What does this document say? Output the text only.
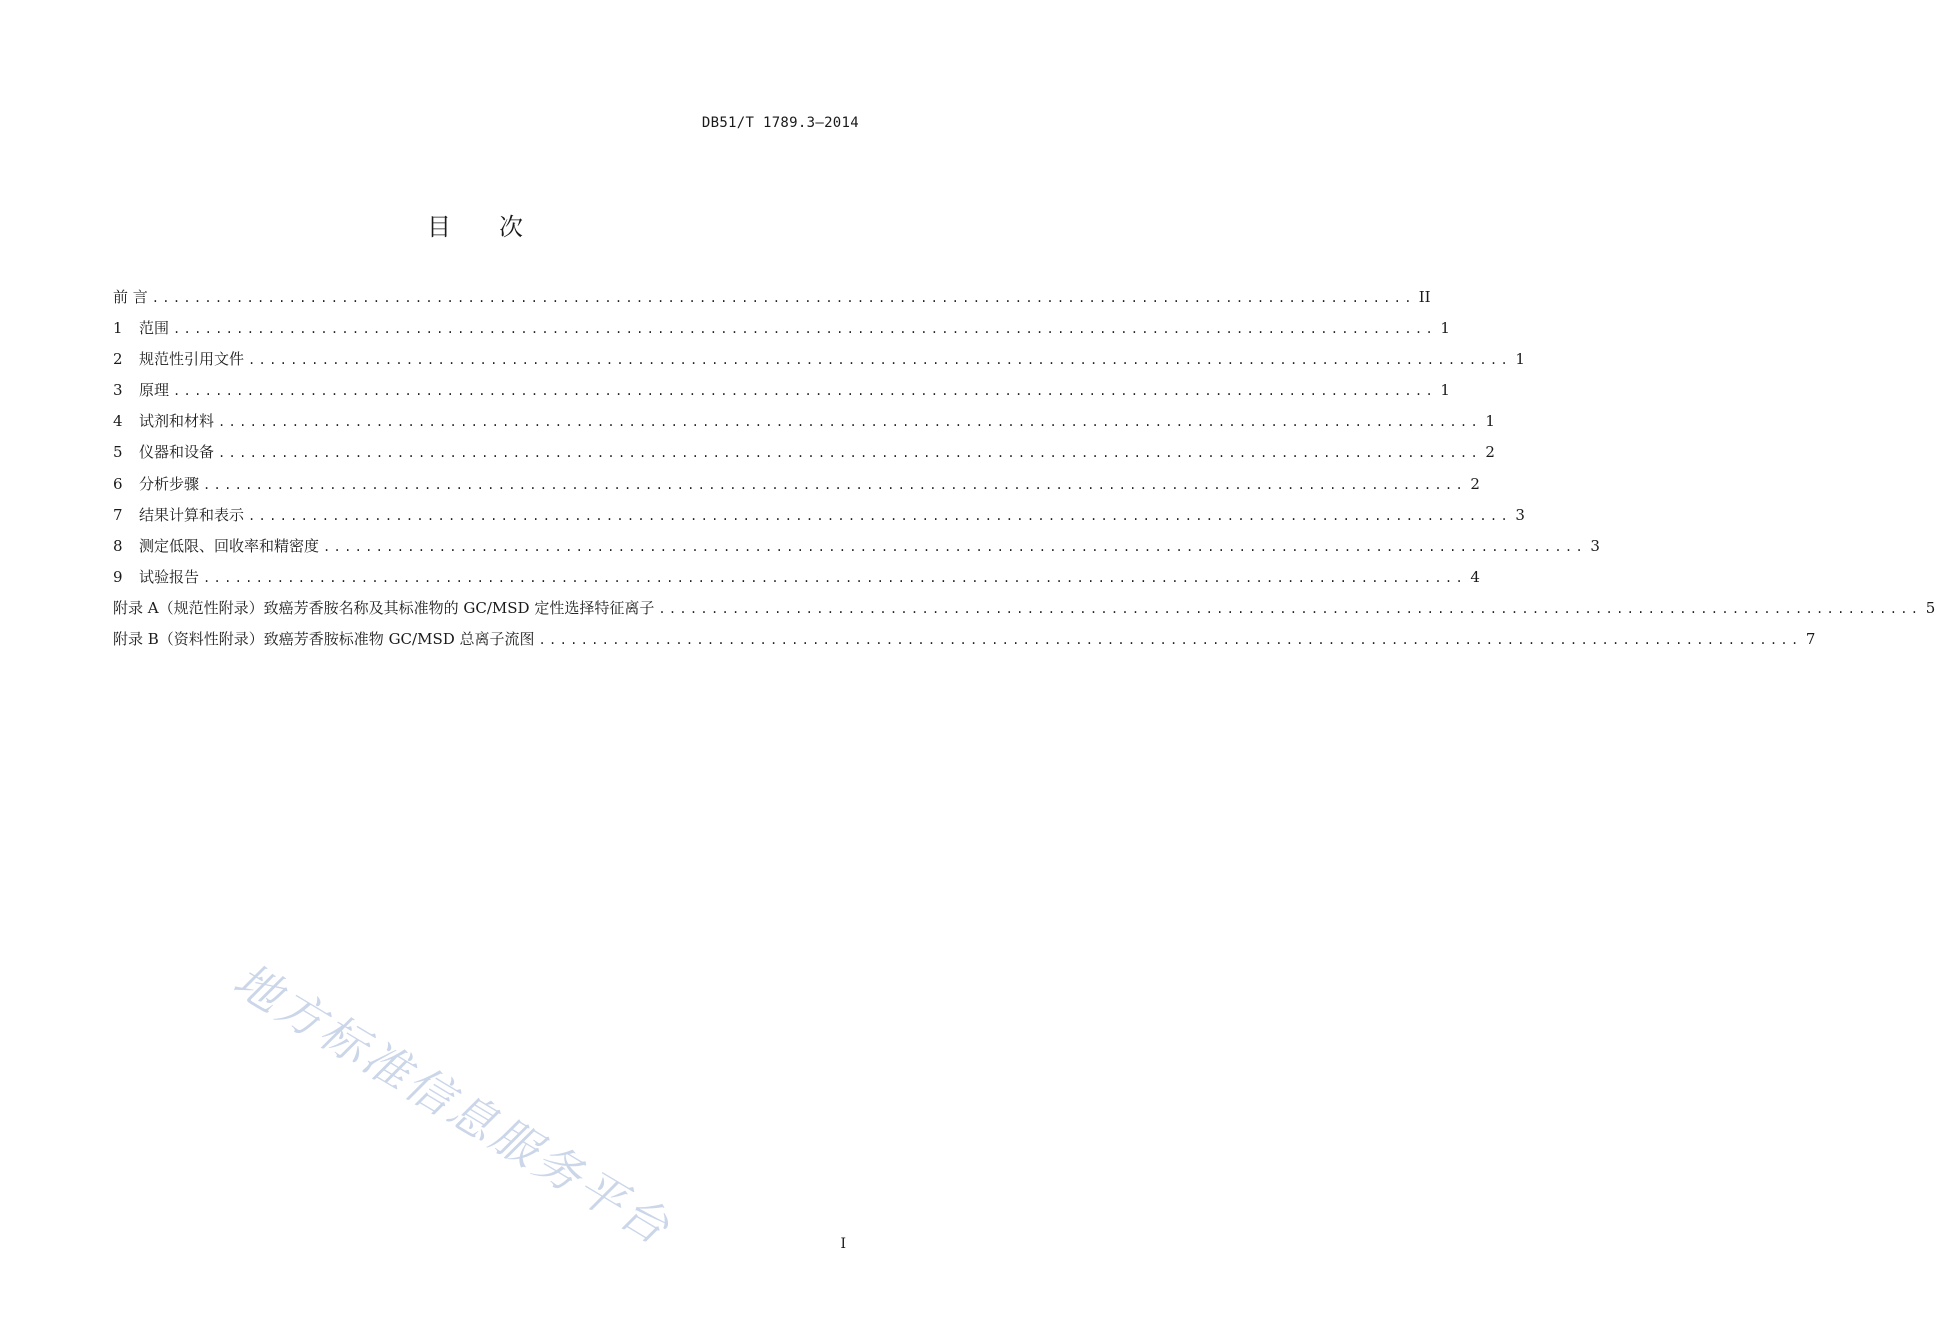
DB51/T 1789.3—2014
目次
前 言 ........................................................................................................................ II
1	范围 ........................................................................................................................ 1
2	规范性引用文件 ........................................................................................................................ 1
3	原理 ........................................................................................................................ 1
4	试剂和材料 ........................................................................................................................ 1
5	仪器和设备 ........................................................................................................................ 2
6	分析步骤 ........................................................................................................................ 2
7	结果计算和表示 ........................................................................................................................ 3
8	测定低限、回收率和精密度 ........................................................................................................................ 3
9	试验报告 ........................................................................................................................ 4
附录 A（规范性附录） 致癌芳香胺名称及其标准物的 GC/MSD 定性选择特征离子 ........................................................................................................................ 5
附录 B（资料性附录） 致癌芳香胺标准物 GC/MSD 总离子流图 ........................................................................................................................ 7
地方标准信息服务平台	I
